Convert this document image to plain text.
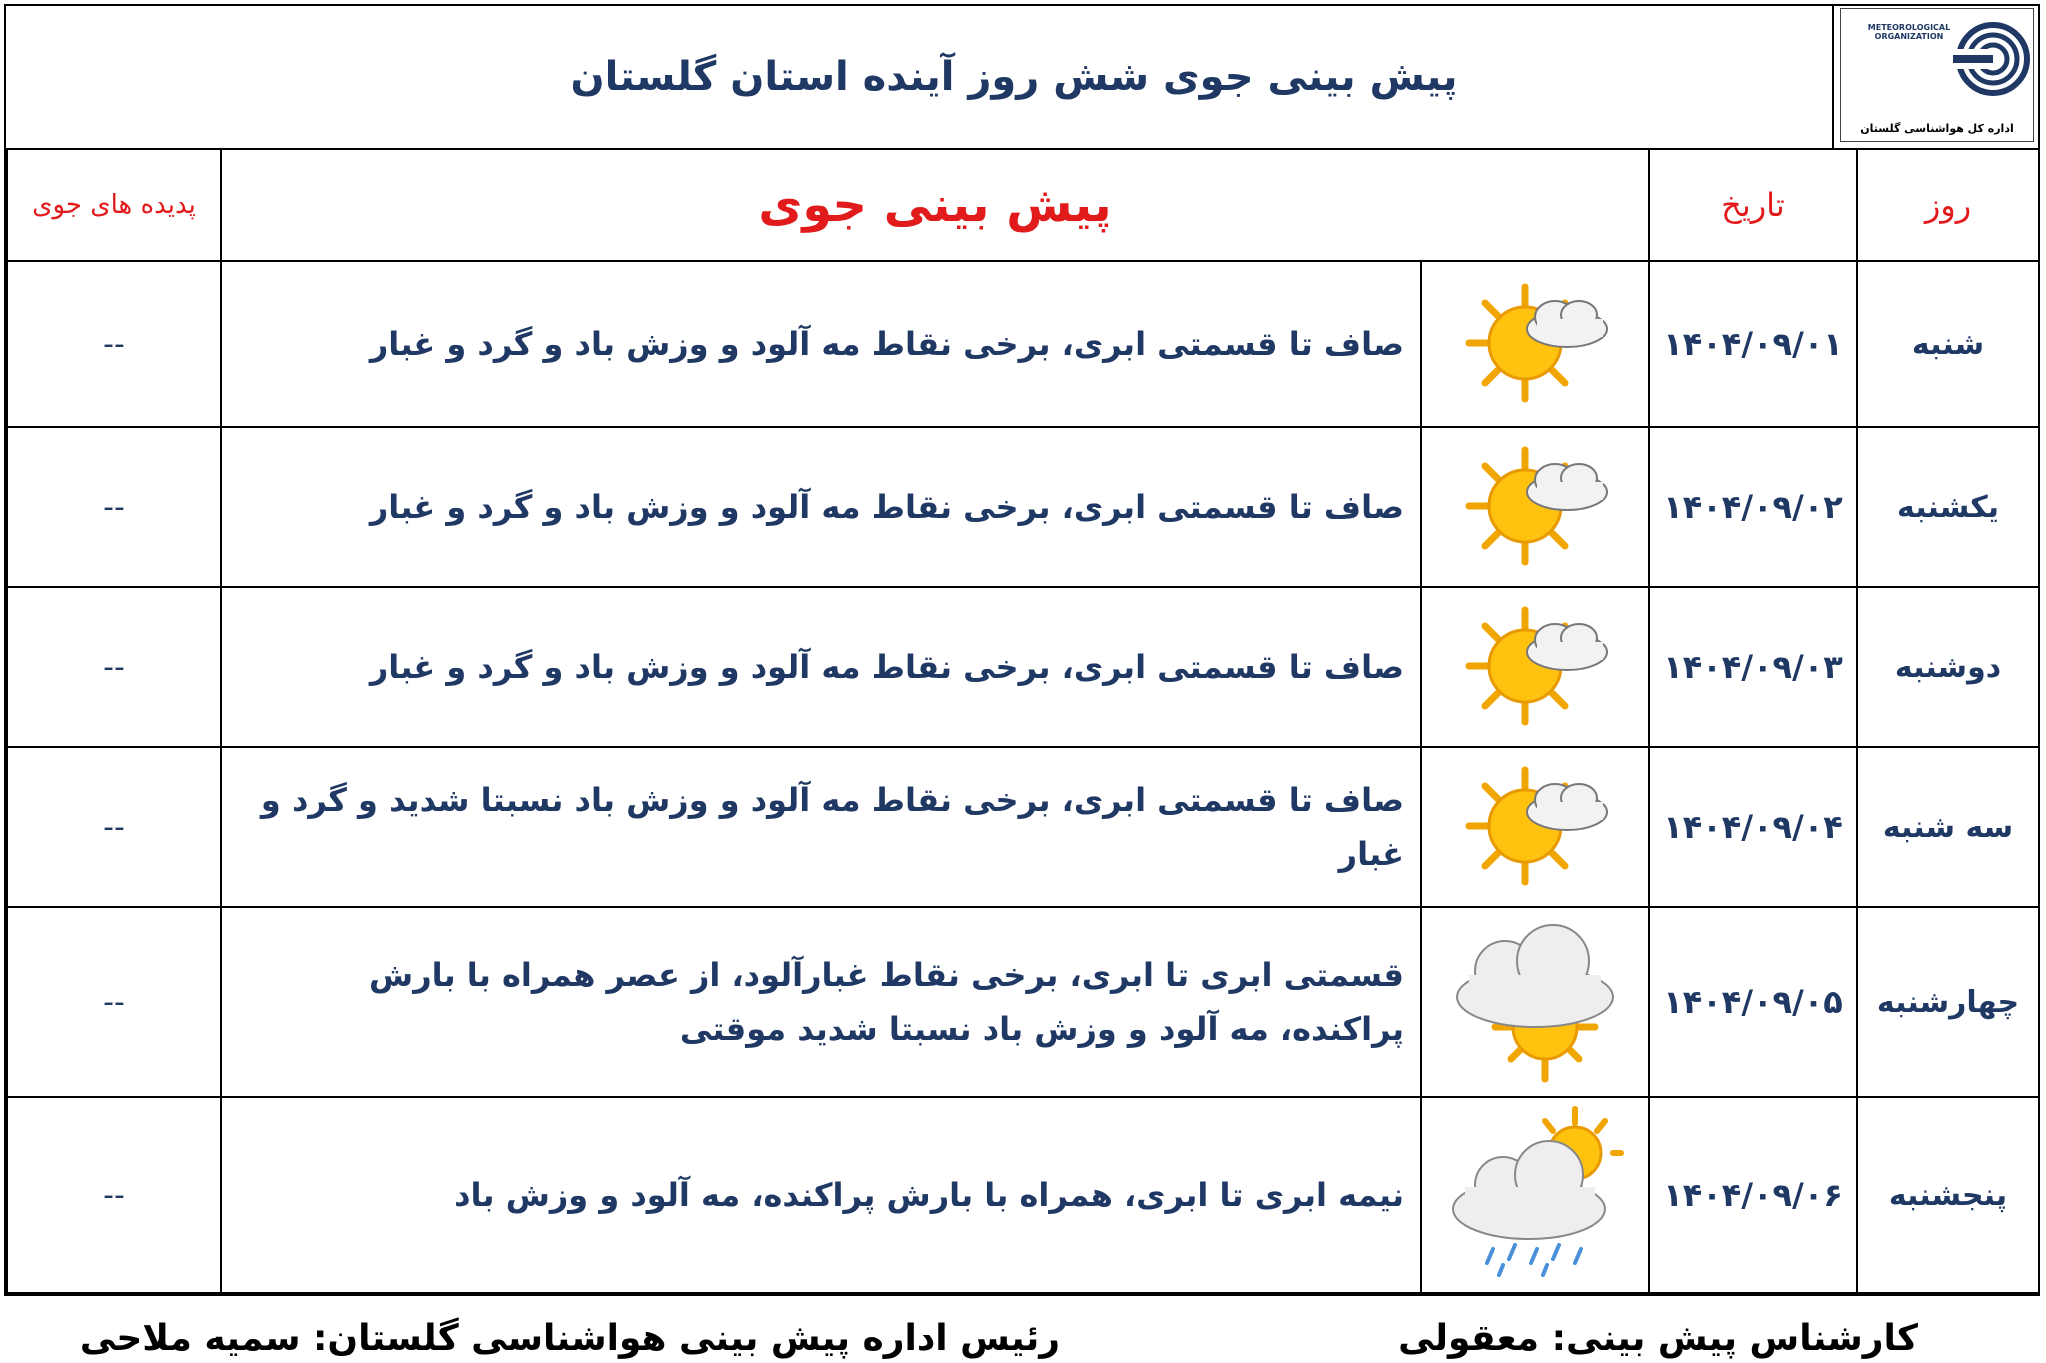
پیش بینی جوی شش روز آینده استان گلستان
METEOROLOGICAL ORGANIZATION
اداره کل هواشناسی گلستان
پدیده های جوی	پیش بینی جوی		تاریخ	روز
--	صاف تا قسمتی ابری، برخی نقاط مه آلود و وزش باد و گرد و غبار		۱۴۰۴/۰۹/۰۱	شنبه
--	صاف تا قسمتی ابری، برخی نقاط مه آلود و وزش باد و گرد و غبار		۱۴۰۴/۰۹/۰۲	یکشنبه
--	صاف تا قسمتی ابری، برخی نقاط مه آلود و وزش باد و گرد و غبار		۱۴۰۴/۰۹/۰۳	دوشنبه
--	صاف تا قسمتی ابری، برخی نقاط مه آلود و وزش باد نسبتا شدید و گرد و غبار		۱۴۰۴/۰۹/۰۴	سه شنبه
--	قسمتی ابری تا ابری، برخی نقاط غبارآلود، از عصر همراه با بارش پراکنده، مه آلود و وزش باد نسبتا شدید موقتی		۱۴۰۴/۰۹/۰۵	چهارشنبه
--	نیمه ابری تا ابری، همراه با بارش پراکنده، مه آلود و وزش باد		۱۴۰۴/۰۹/۰۶	پنجشنبه
کارشناس پیش بینی: معقولی
رئیس اداره پیش بینی هواشناسی گلستان: سمیه ملاحی
